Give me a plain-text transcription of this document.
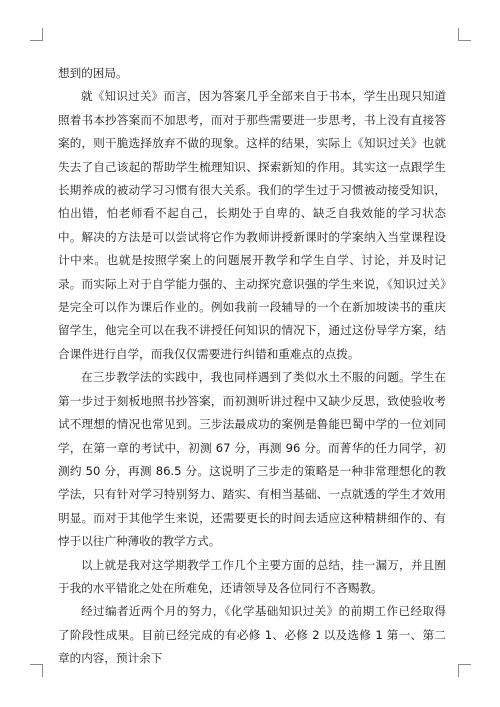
想到的困局。

就《知识过关》而言，因为答案几乎全部来自于书本，学生出现只知道照着书本抄答案而不加思考，而对于那些需要进一步思考，书上没有直接答案的，则干脆选择放弃不做的现象。这样的结果，实际上《知识过关》也就失去了自己该起的帮助学生梳理知识、探索新知的作用。其实这一点跟学生长期养成的被动学习习惯有很大关系。我们的学生过于习惯被动接受知识，怕出错，怕老师看不起自己，长期处于自卑的、缺乏自我效能的学习状态中。解决的方法是可以尝试将它作为教师讲授新课时的学案纳入当堂课程设计中来。也就是按照学案上的问题展开教学和学生自学、讨论，并及时记录。而实际上对于自学能力强的、主动探究意识强的学生来说，《知识过关》是完全可以作为课后作业的。例如我前一段辅导的一个在新加坡读书的重庆留学生，他完全可以在我不讲授任何知识的情况下，通过这份导学方案，结合课件进行自学，而我仅仅需要进行纠错和重难点的点拨。

在三步教学法的实践中，我也同样遇到了类似水土不服的问题。学生在第一步过于刻板地照书抄答案，而初测听讲过程中又缺少反思，致使验收考试不理想的情况也常见到。三步法最成功的案例是鲁能巴蜀中学的一位刘同学，在第一章的考试中，初测 67 分，再测 96 分。而菁华的任力同学，初测约 50 分，再测 86.5 分。这说明了三步走的策略是一种非常理想化的教学法，只有针对学习特别努力、踏实、有相当基础、一点就透的学生才效用明显。而对于其他学生来说，还需要更长的时间去适应这种精耕细作的、有悖于以往广种薄收的教学方式。

以上就是我对这学期教学工作几个主要方面的总结，挂一漏万，并且囿于我的水平错讹之处在所难免，还请领导及各位同行不吝赐教。

经过编者近两个月的努力，《化学基础知识过关》的前期工作已经取得了阶段性成果。目前已经完成的有必修 1、必修 2 以及选修 1 第一、第二章的内容，预计余下
